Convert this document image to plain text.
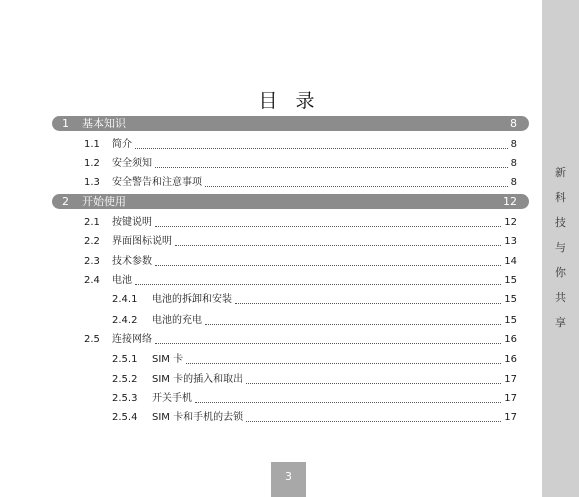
新
科
技
与
你
共
享
目 录
1 基本知识	8
1.1	简介	8
1.2	安全须知	8
1.3	安全警告和注意事项	8
2 开始使用	12
2.1	按键说明	12
2.2	界面图标说明	13
2.3	技术参数	14
2.4	电池	15
2.4.1	电池的拆卸和安装	15
2.4.2	电池的充电	15
2.5	连接网络	16
2.5.1	SIM 卡	16
2.5.2	SIM 卡的插入和取出	17
2.5.3	开关手机	17
2.5.4	SIM 卡和手机的去锁	17
3
